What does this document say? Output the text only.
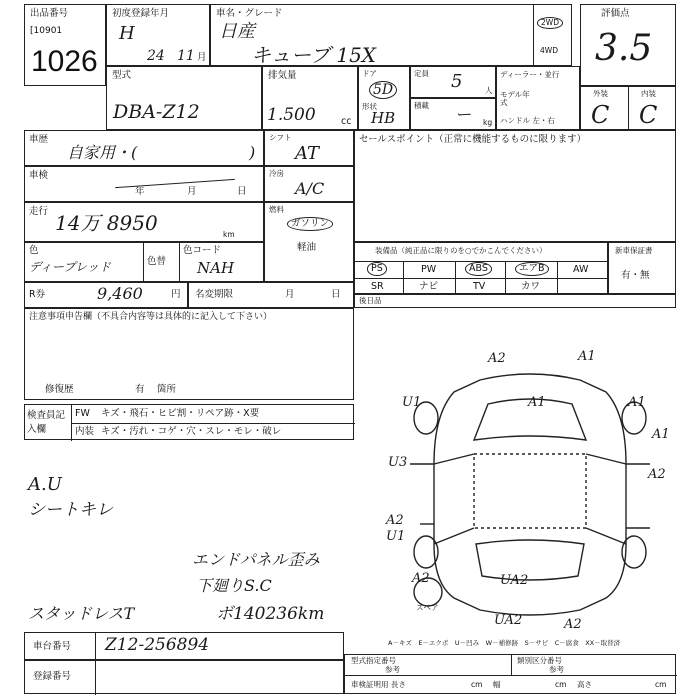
出品番号
[10901
1026
初度登録年月
H
24 11 月
車名・グレード
日産
キューブ 15X
2WD
4WD
評価点
3.5
型式
DBA-Z12
排気量
1.500	cc
ドア
5D
形状
HB
定員 5	人
積載 ー kg
ディーラー・並行
モデル年式
ハンドル 左・右
外装	内装
C C
車歴
自家用・(	)
車検
年	月	日
走行 14万 8950	km
色
ディープレッド	色替
色コード
NAH
R券	9,460	円 名変期限	月	日
注意事項申告欄（不具合内容等は具体的に記入して下さい）
修復歴	有 箇所
シフト
AT
冷房
A/C
燃料
ガソリン
軽油
セールスポイント（正常に機能するものに限ります）
装備品（純正品に限りのを○でかこんでください）
PS	PW	ABS	エアB	AW
SR	ナビ	TV	カワ
新車保証書
有・無
後日品
検査員記入欄
FW キズ・飛石・ヒビ割・リペア跡・X要
内装 キズ・汚れ・コゲ・穴・スレ・モレ・破レ
A.U
シートキレ
エンドパネル歪み
下廻りS.C
スタッドレスT	ボ140236km
A2	A1
A1
U1	A1
A1
U3
A2
A2
U1
A2	UA2
UA2	A2
スペア
A－キズ　E－エクボ　U－凹み　W－補修跡　S－サビ　C－腐食　XX－取替済
車台番号 Z12-256894
登録番号
型式指定番号
参考
類別区分番号
参考
車検証明用 長さ	cm 幅	cm 高さ	cm
